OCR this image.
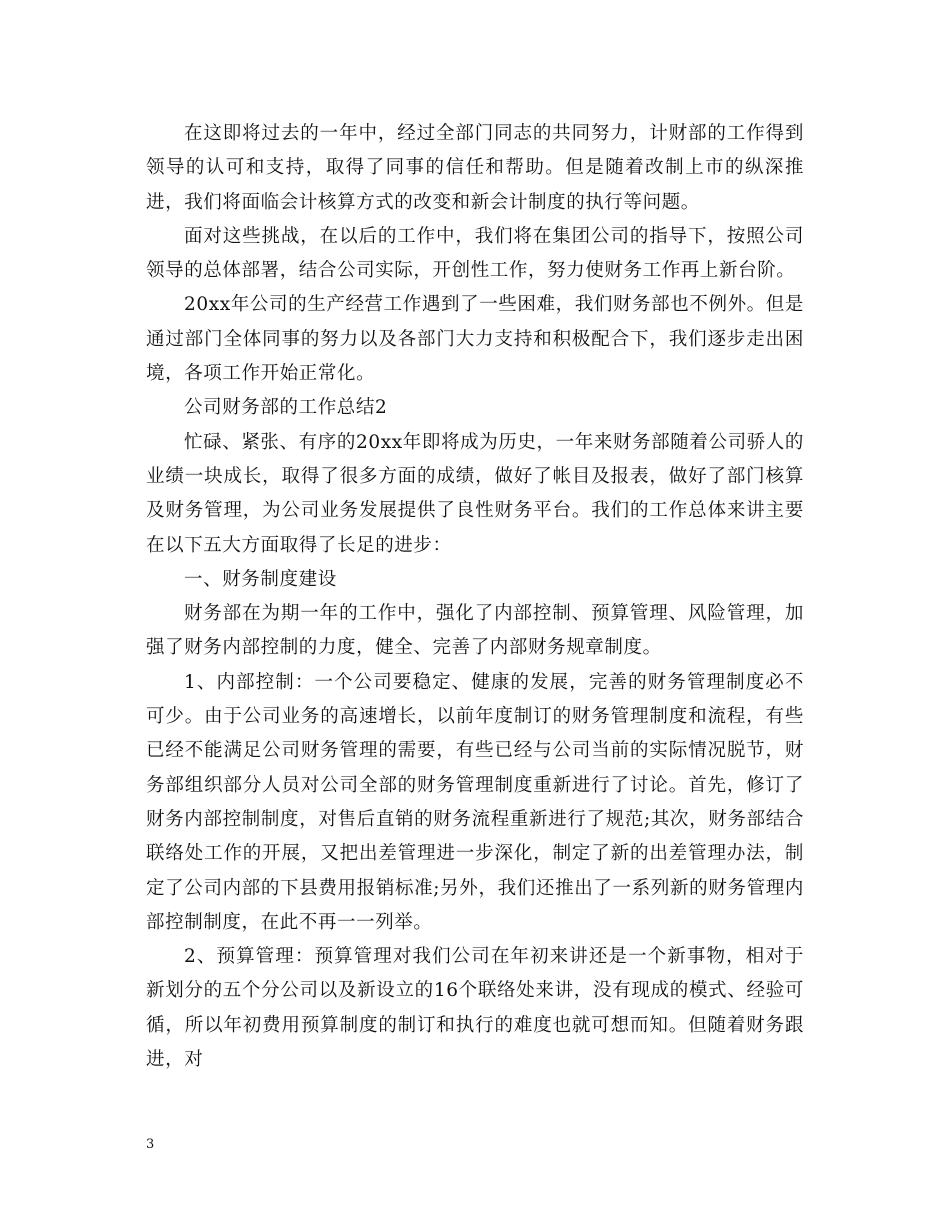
在这即将过去的一年中，经过全部门同志的共同努力，计财部的工作得到领导的认可和支持，取得了同事的信任和帮助。但是随着改制上市的纵深推进，我们将面临会计核算方式的改变和新会计制度的执行等问题。

面对这些挑战，在以后的工作中，我们将在集团公司的指导下，按照公司领导的总体部署，结合公司实际，开创性工作，努力使财务工作再上新台阶。

20xx年公司的生产经营工作遇到了一些困难，我们财务部也不例外。但是通过部门全体同事的努力以及各部门大力支持和积极配合下，我们逐步走出困境，各项工作开始正常化。

公司财务部的工作总结2

忙碌、紧张、有序的20xx年即将成为历史，一年来财务部随着公司骄人的业绩一块成长，取得了很多方面的成绩，做好了帐目及报表，做好了部门核算及财务管理，为公司业务发展提供了良性财务平台。我们的工作总体来讲主要在以下五大方面取得了长足的进步：

一、财务制度建设

财务部在为期一年的工作中，强化了内部控制、预算管理、风险管理，加强了财务内部控制的力度，健全、完善了内部财务规章制度。

1、内部控制：一个公司要稳定、健康的发展，完善的财务管理制度必不可少。由于公司业务的高速增长，以前年度制订的财务管理制度和流程，有些已经不能满足公司财务管理的需要，有些已经与公司当前的实际情况脱节，财务部组织部分人员对公司全部的财务管理制度重新进行了讨论。首先，修订了财务内部控制制度，对售后直销的财务流程重新进行了规范;其次，财务部结合联络处工作的开展，又把出差管理进一步深化，制定了新的出差管理办法，制定了公司内部的下县费用报销标准;另外，我们还推出了一系列新的财务管理内部控制制度，在此不再一一列举。

2、预算管理：预算管理对我们公司在年初来讲还是一个新事物，相对于新划分的五个分公司以及新设立的16个联络处来讲，没有现成的模式、经验可循，所以年初费用预算制度的制订和执行的难度也就可想而知。但随着财务跟进，对

3
